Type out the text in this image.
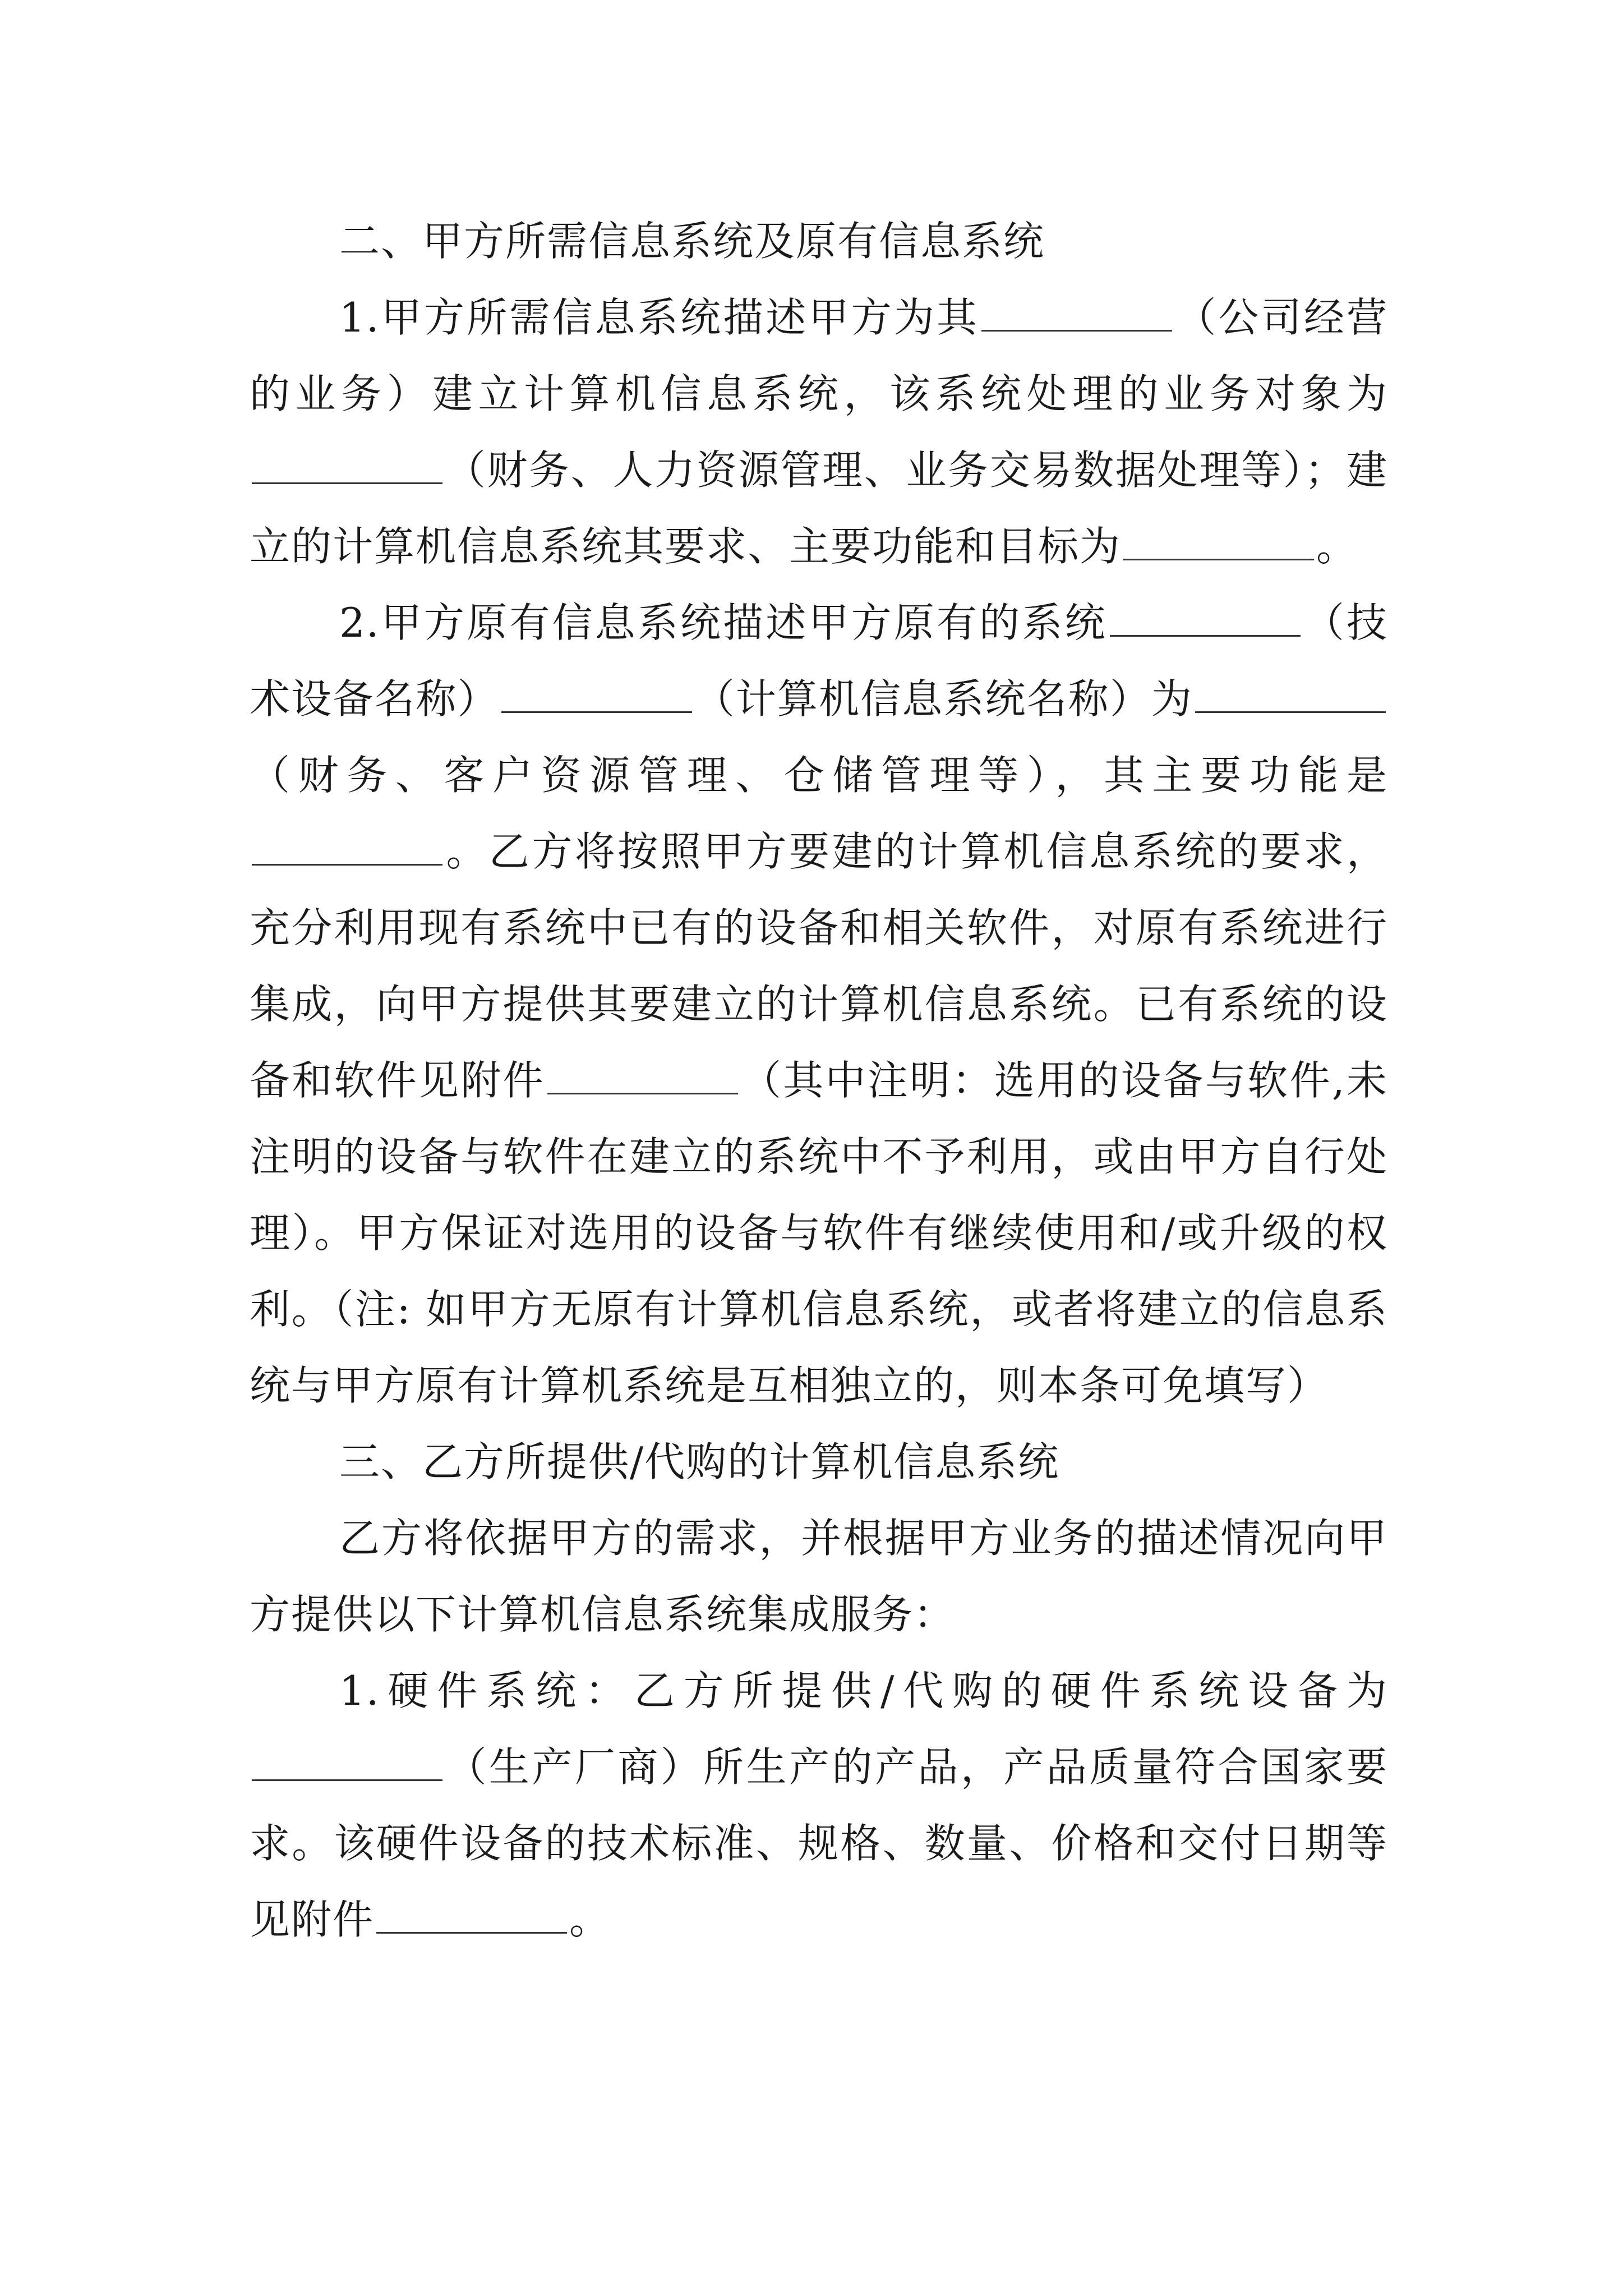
二、甲方所需信息系统及原有信息系统

1.甲方所需信息系统描述甲方为其	（公司经营的业务）建立计算机信息系统，该系统处理的业务对象为（财务、人力资源管理、业务交易数据处理等）；建立的计算机信息系统其要求、主要功能和目标为	。

2.甲方原有信息系统描述甲方原有的系统	（技术设备名称）	（计算机信息系统名称）为（财务、客户资源管理、仓储管理等），其主要功能是。乙方将按照甲方要建的计算机信息系统的要求，充分利用现有系统中已有的设备和相关软件，对原有系统进行集成，向甲方提供其要建立的计算机信息系统。已有系统的设备和软件见附件	（其中注明：选用的设备与软件,未注明的设备与软件在建立的系统中不予利用，或由甲方自行处理）。甲方保证对选用的设备与软件有继续使用和/或升级的权利。（注: 如甲方无原有计算机信息系统，或者将建立的信息系统与甲方原有计算机系统是互相独立的，则本条可免填写）

三、乙方所提供/代购的计算机信息系统

乙方将依据甲方的需求，并根据甲方业务的描述情况向甲方提供以下计算机信息系统集成服务：

1.硬件系统：乙方所提供/代购的硬件系统设备为（生产厂商）所生产的产品，产品质量符合国家要求。该硬件设备的技术标准、规格、数量、价格和交付日期等见附件	。
